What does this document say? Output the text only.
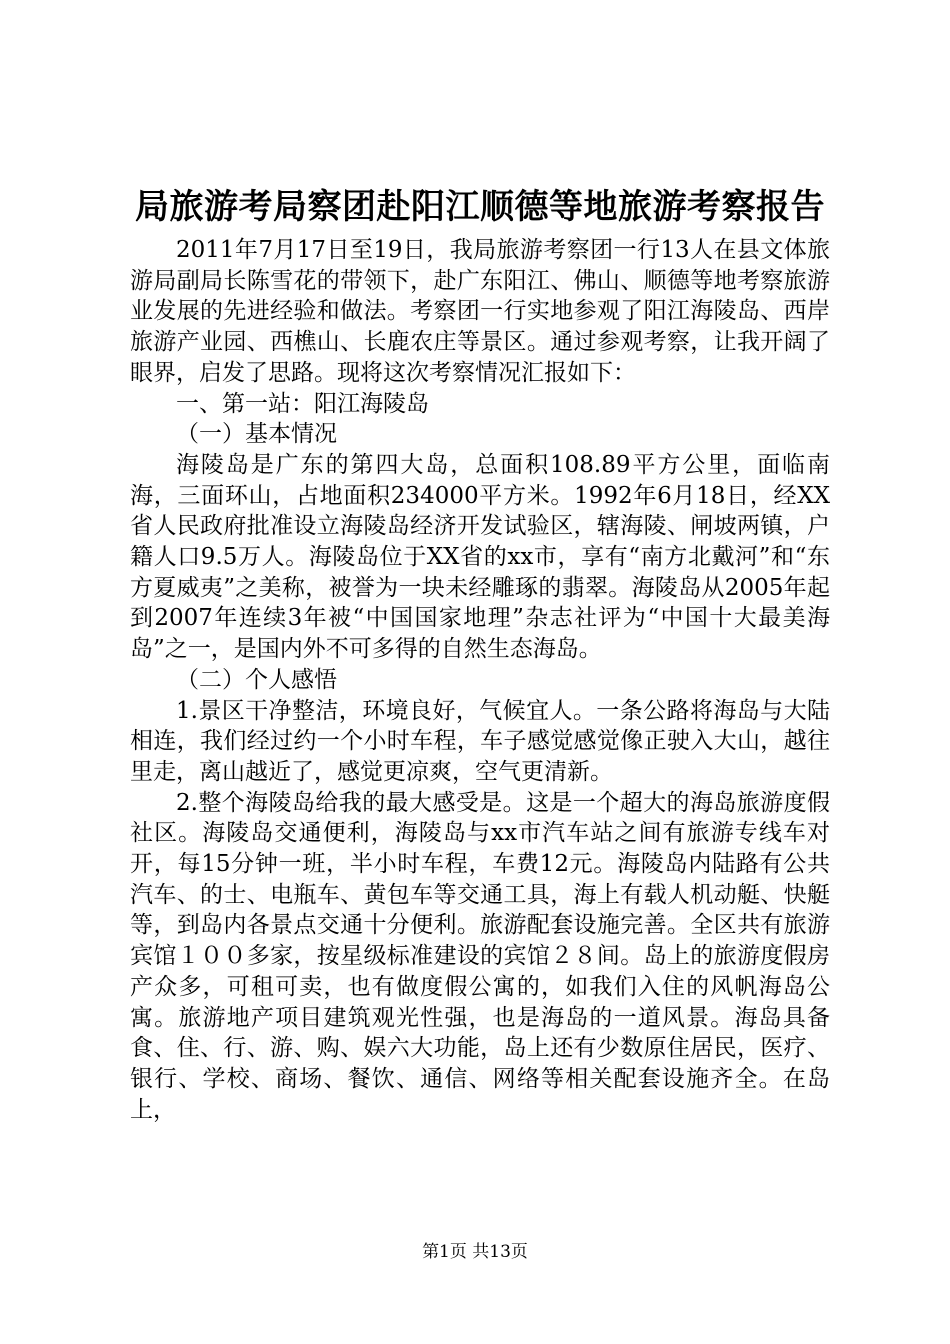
局旅游考局察团赴阳江顺德等地旅游考察报告

2011年7月17日至19日，我局旅游考察团一行13人在县文体旅游局副局长陈雪花的带领下，赴广东阳江、佛山、顺德等地考察旅游业发展的先进经验和做法。考察团一行实地参观了阳江海陵岛、西岸旅游产业园、西樵山、长鹿农庄等景区。通过参观考察，让我开阔了眼界，启发了思路。现将这次考察情况汇报如下：

一、第一站：阳江海陵岛

（一）基本情况

海陵岛是广东的第四大岛，总面积108.89平方公里，面临南海，三面环山，占地面积234000平方米。1992年6月18日，经XX省人民政府批准设立海陵岛经济开发试验区，辖海陵、闸坡两镇，户籍人口9.5万人。海陵岛位于XX省的xx市，享有“南方北戴河”和“东方夏威夷”之美称，被誉为一块未经雕琢的翡翠。海陵岛从2005年起到2007年连续3年被“中国国家地理”杂志社评为“中国十大最美海岛”之一，是国内外不可多得的自然生态海岛。

（二）个人感悟

1.景区干净整洁，环境良好，气候宜人。一条公路将海岛与大陆相连，我们经过约一个小时车程，车子感觉感觉像正驶入大山，越往里走，离山越近了，感觉更凉爽，空气更清新。

2.整个海陵岛给我的最大感受是。这是一个超大的海岛旅游度假社区。海陵岛交通便利，海陵岛与xx市汽车站之间有旅游专线车对开，每15分钟一班，半小时车程，车费12元。海陵岛内陆路有公共汽车、的士、电瓶车、黄包车等交通工具，海上有载人机动艇、快艇等，到岛内各景点交通十分便利。旅游配套设施完善。全区共有旅游宾馆１００多家，按星级标准建设的宾馆２８间。岛上的旅游度假房产众多，可租可卖，也有做度假公寓的，如我们入住的风帆海岛公寓。旅游地产项目建筑观光性强，也是海岛的一道风景。海岛具备食、住、行、游、购、娱六大功能，岛上还有少数原住居民，医疗、银行、学校、商场、餐饮、通信、网络等相关配套设施齐全。在岛上，

第1页 共13页
